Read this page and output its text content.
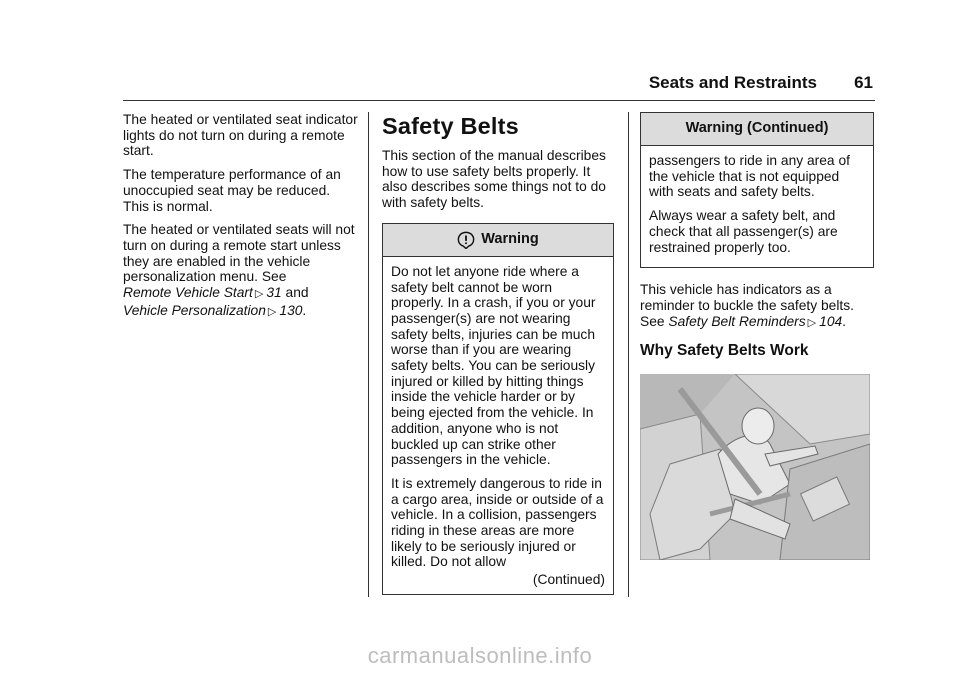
Seats and Restraints 61

The heated or ventilated seat indicator lights do not turn on during a remote start.

The temperature performance of an unoccupied seat may be reduced. This is normal.

The heated or ventilated seats will not turn on during a remote start unless they are enabled in the vehicle personalization menu. See
Remote Vehicle Start ▷ 31 and
Vehicle Personalization ▷ 130.

Safety Belts

This section of the manual describes how to use safety belts properly. It also describes some things not to do with safety belts.

Warning

Do not let anyone ride where a safety belt cannot be worn properly. In a crash, if you or your passenger(s) are not wearing safety belts, injuries can be much worse than if you are wearing safety belts. You can be seriously injured or killed by hitting things inside the vehicle harder or by being ejected from the vehicle. In addition, anyone who is not buckled up can strike other passengers in the vehicle.

It is extremely dangerous to ride in a cargo area, inside or outside of a vehicle. In a collision, passengers riding in these areas are more likely to be seriously injured or killed. Do not allow

(Continued)
Warning (Continued)

passengers to ride in any area of the vehicle that is not equipped with seats and safety belts.

Always wear a safety belt, and check that all passenger(s) are restrained properly too.

This vehicle has indicators as a reminder to buckle the safety belts. See Safety Belt Reminders ▷ 104.

Why Safety Belts Work
carmanualsonline.info
